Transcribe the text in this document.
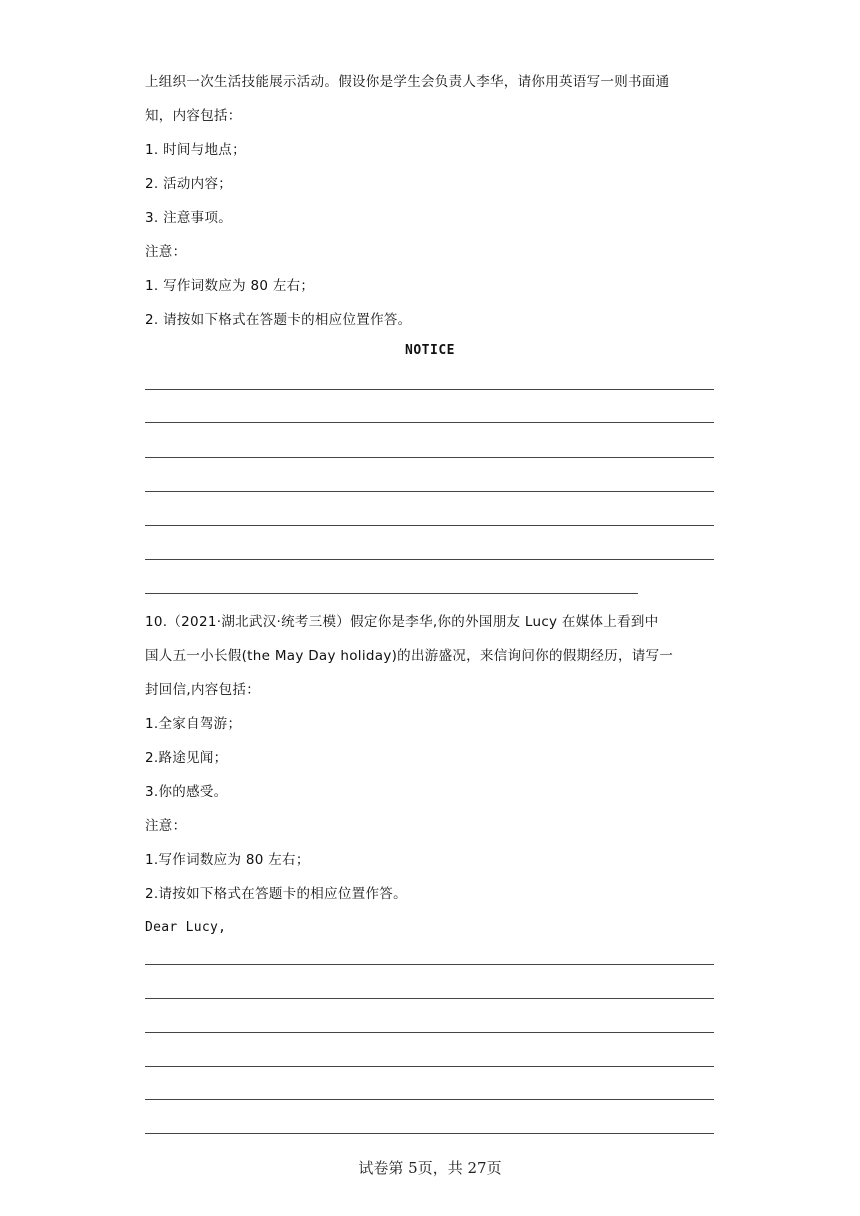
上组织一次生活技能展示活动。假设你是学生会负责人李华，请你用英语写一则书面通
知，内容包括：
1. 时间与地点；
2. 活动内容；
3. 注意事项。
注意：
1. 写作词数应为 80 左右；
2. 请按如下格式在答题卡的相应位置作答。
NOTICE
10.（2021·湖北武汉·统考三模）假定你是李华,你的外国朋友 Lucy 在媒体上看到中
国人五一小长假(the May Day holiday)的出游盛况，来信询问你的假期经历，请写一
封回信,内容包括：
1.全家自驾游；
2.路途见闻；
3.你的感受。
注意：
1.写作词数应为 80 左右；
2.请按如下格式在答题卡的相应位置作答。
Dear Lucy,
试卷第 5页，共 27页
